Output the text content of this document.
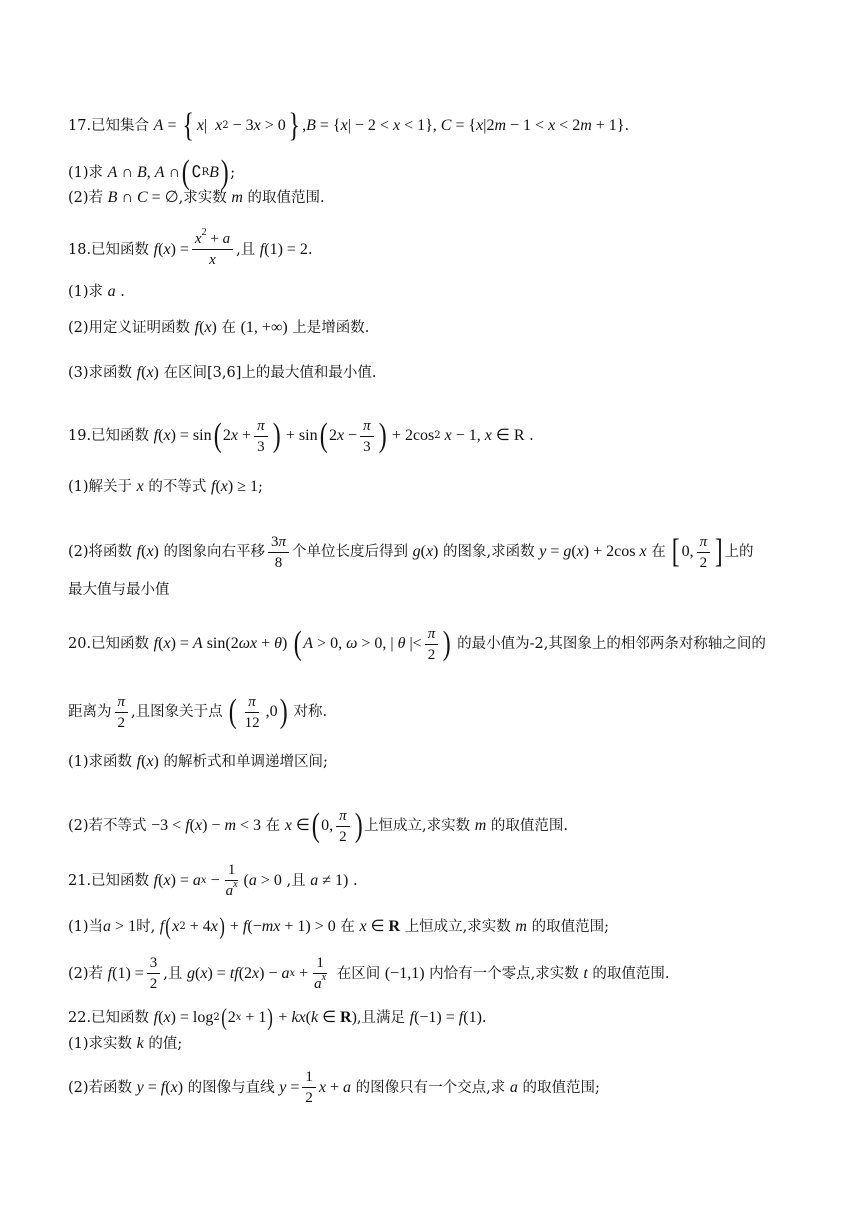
17.已知集合
A = { x | x 2 − 3 x > 0 } , B = { x | − 2 < x < 1}, C = { x |2 m − 1 < x < 2 m + 1} .
(1)求
A ∩ B , A ∩ ( ∁ R B ) ;
(2)若
B ∩ C = ∅ ,求实数
m
的取值范围.
18.已知函数
f ( x ) = $\frac{x^2 + a}{x}$ ,且
f (1) = 2 .
(1)求
a
.
(2)用定义证明函数
f ( x )
在
(1, +∞)
上是增函数.
(3)求函数
f ( x )
在区间[3,6]上的最大值和最小值.
19.已知函数
f ( x ) = sin ( 2 $x + \frac{\pi}{3}$ ) + sin ( 2 $x - \frac{\pi}{3}$ ) + 2cos 2
x − 1, x ∈ R
.
(1)解关于
x
的不等式
f ( x ) ≥ 1 ;
(2)将函数
f ( x )
的图象向右平移 $\frac{3\pi}{8}$ 个单位长度后得到
g ( x )
的图象,求函数
y = g ( x ) + 2cos x
在
[ 0, $\frac{\pi}{2}$ ] 上的
最大值与最小值
20.已知函数
f ( x ) = A sin(2 ωx + θ )
( A > 0, ω > 0, | θ |< $\frac{\pi}{2}$ )
的最小值为-2,其图象上的相邻两条对称轴之间的
距离为 $\frac{\pi}{2}$ ,且图象关于点
( $\frac{\pi}{12} ,0$ )
对称.
(1)求函数
f ( x )
的解析式和单调递增区间;
(2)若不等式
−3 < f ( x ) − m < 3
在
x ∈ ( 0, $\frac{\pi}{2}$ ) 上恒成立,求实数
m
的取值范围.
21.已知函数
f ( x ) = a $x - \frac{1}{a^x}$ ( a > 0
,且
a ≠ 1)
.
(1)当 a > 1 时,
f ( x 2 + 4 x ) + f (− mx + 1) > 0
在
x ∈ R
上恒成立,求实数
m
的取值范围;
(2)若
f $(1) = \frac{3}{2}$ ,且
g ( x ) = tf (2 x ) − a $x + \frac{1}{a^x}$
在区间
(−1,1)
内恰有一个零点,求实数
t
的取值范围.
22.已知函数
f ( x ) = log 2 ( 2 x + 1 ) + kx ( k ∈ R ) ,且满足
f (−1) = f (1) .
(1)求实数
k
的值;
(2)若函数
y = f ( x )
的图像与直线
$y = \frac{1}{2}$ x + a
的图像只有一个交点,求
a
的取值范围;
